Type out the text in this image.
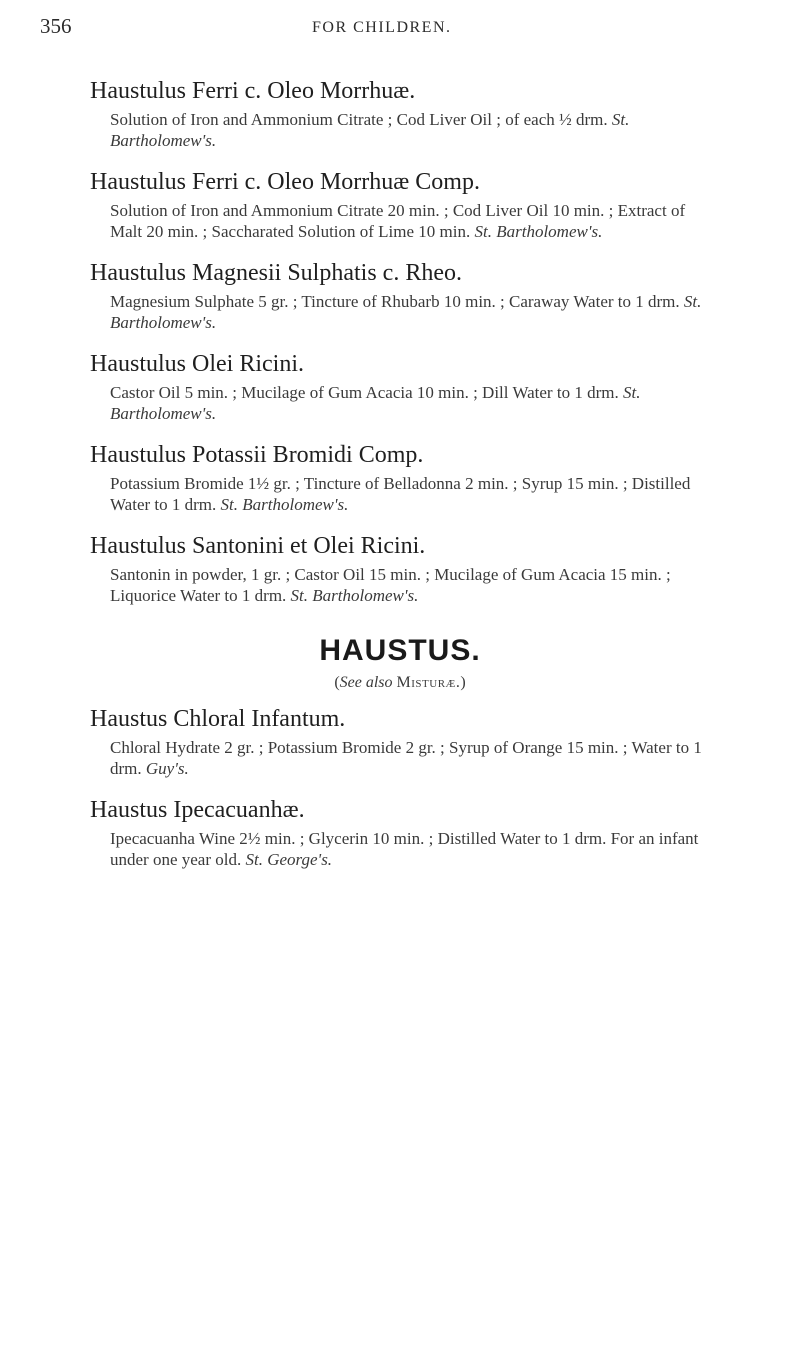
356	FOR CHILDREN.
Haustulus Ferri c. Oleo Morrhuæ.

Solution of Iron and Ammonium Citrate ; Cod Liver Oil ; of each ½ drm. St. Bartholomew's.

Haustulus Ferri c. Oleo Morrhuæ Comp.

Solution of Iron and Ammonium Citrate 20 min. ; Cod Liver Oil 10 min. ; Extract of Malt 20 min. ; Saccharated Solution of Lime 10 min. St. Bartholomew's.

Haustulus Magnesii Sulphatis c. Rheo.

Magnesium Sulphate 5 gr. ; Tincture of Rhubarb 10 min. ; Caraway Water to 1 drm. St. Bartholomew's.

Haustulus Olei Ricini.

Castor Oil 5 min. ; Mucilage of Gum Acacia 10 min. ; Dill Water to 1 drm. St. Bartholomew's.

Haustulus Potassii Bromidi Comp.

Potassium Bromide 1½ gr. ; Tincture of Belladonna 2 min. ; Syrup 15 min. ; Distilled Water to 1 drm. St. Bartholomew's.

Haustulus Santonini et Olei Ricini.

Santonin in powder, 1 gr. ; Castor Oil 15 min. ; Mucilage of Gum Acacia 15 min. ; Liquorice Water to 1 drm. St. Bartholomew's.

HAUSTUS.

(See also Misturæ.)

Haustus Chloral Infantum.

Chloral Hydrate 2 gr. ; Potassium Bromide 2 gr. ; Syrup of Orange 15 min. ; Water to 1 drm. Guy's.

Haustus Ipecacuanhæ.

Ipecacuanha Wine 2½ min. ; Glycerin 10 min. ; Distilled Water to 1 drm. For an infant under one year old. St. George's.
